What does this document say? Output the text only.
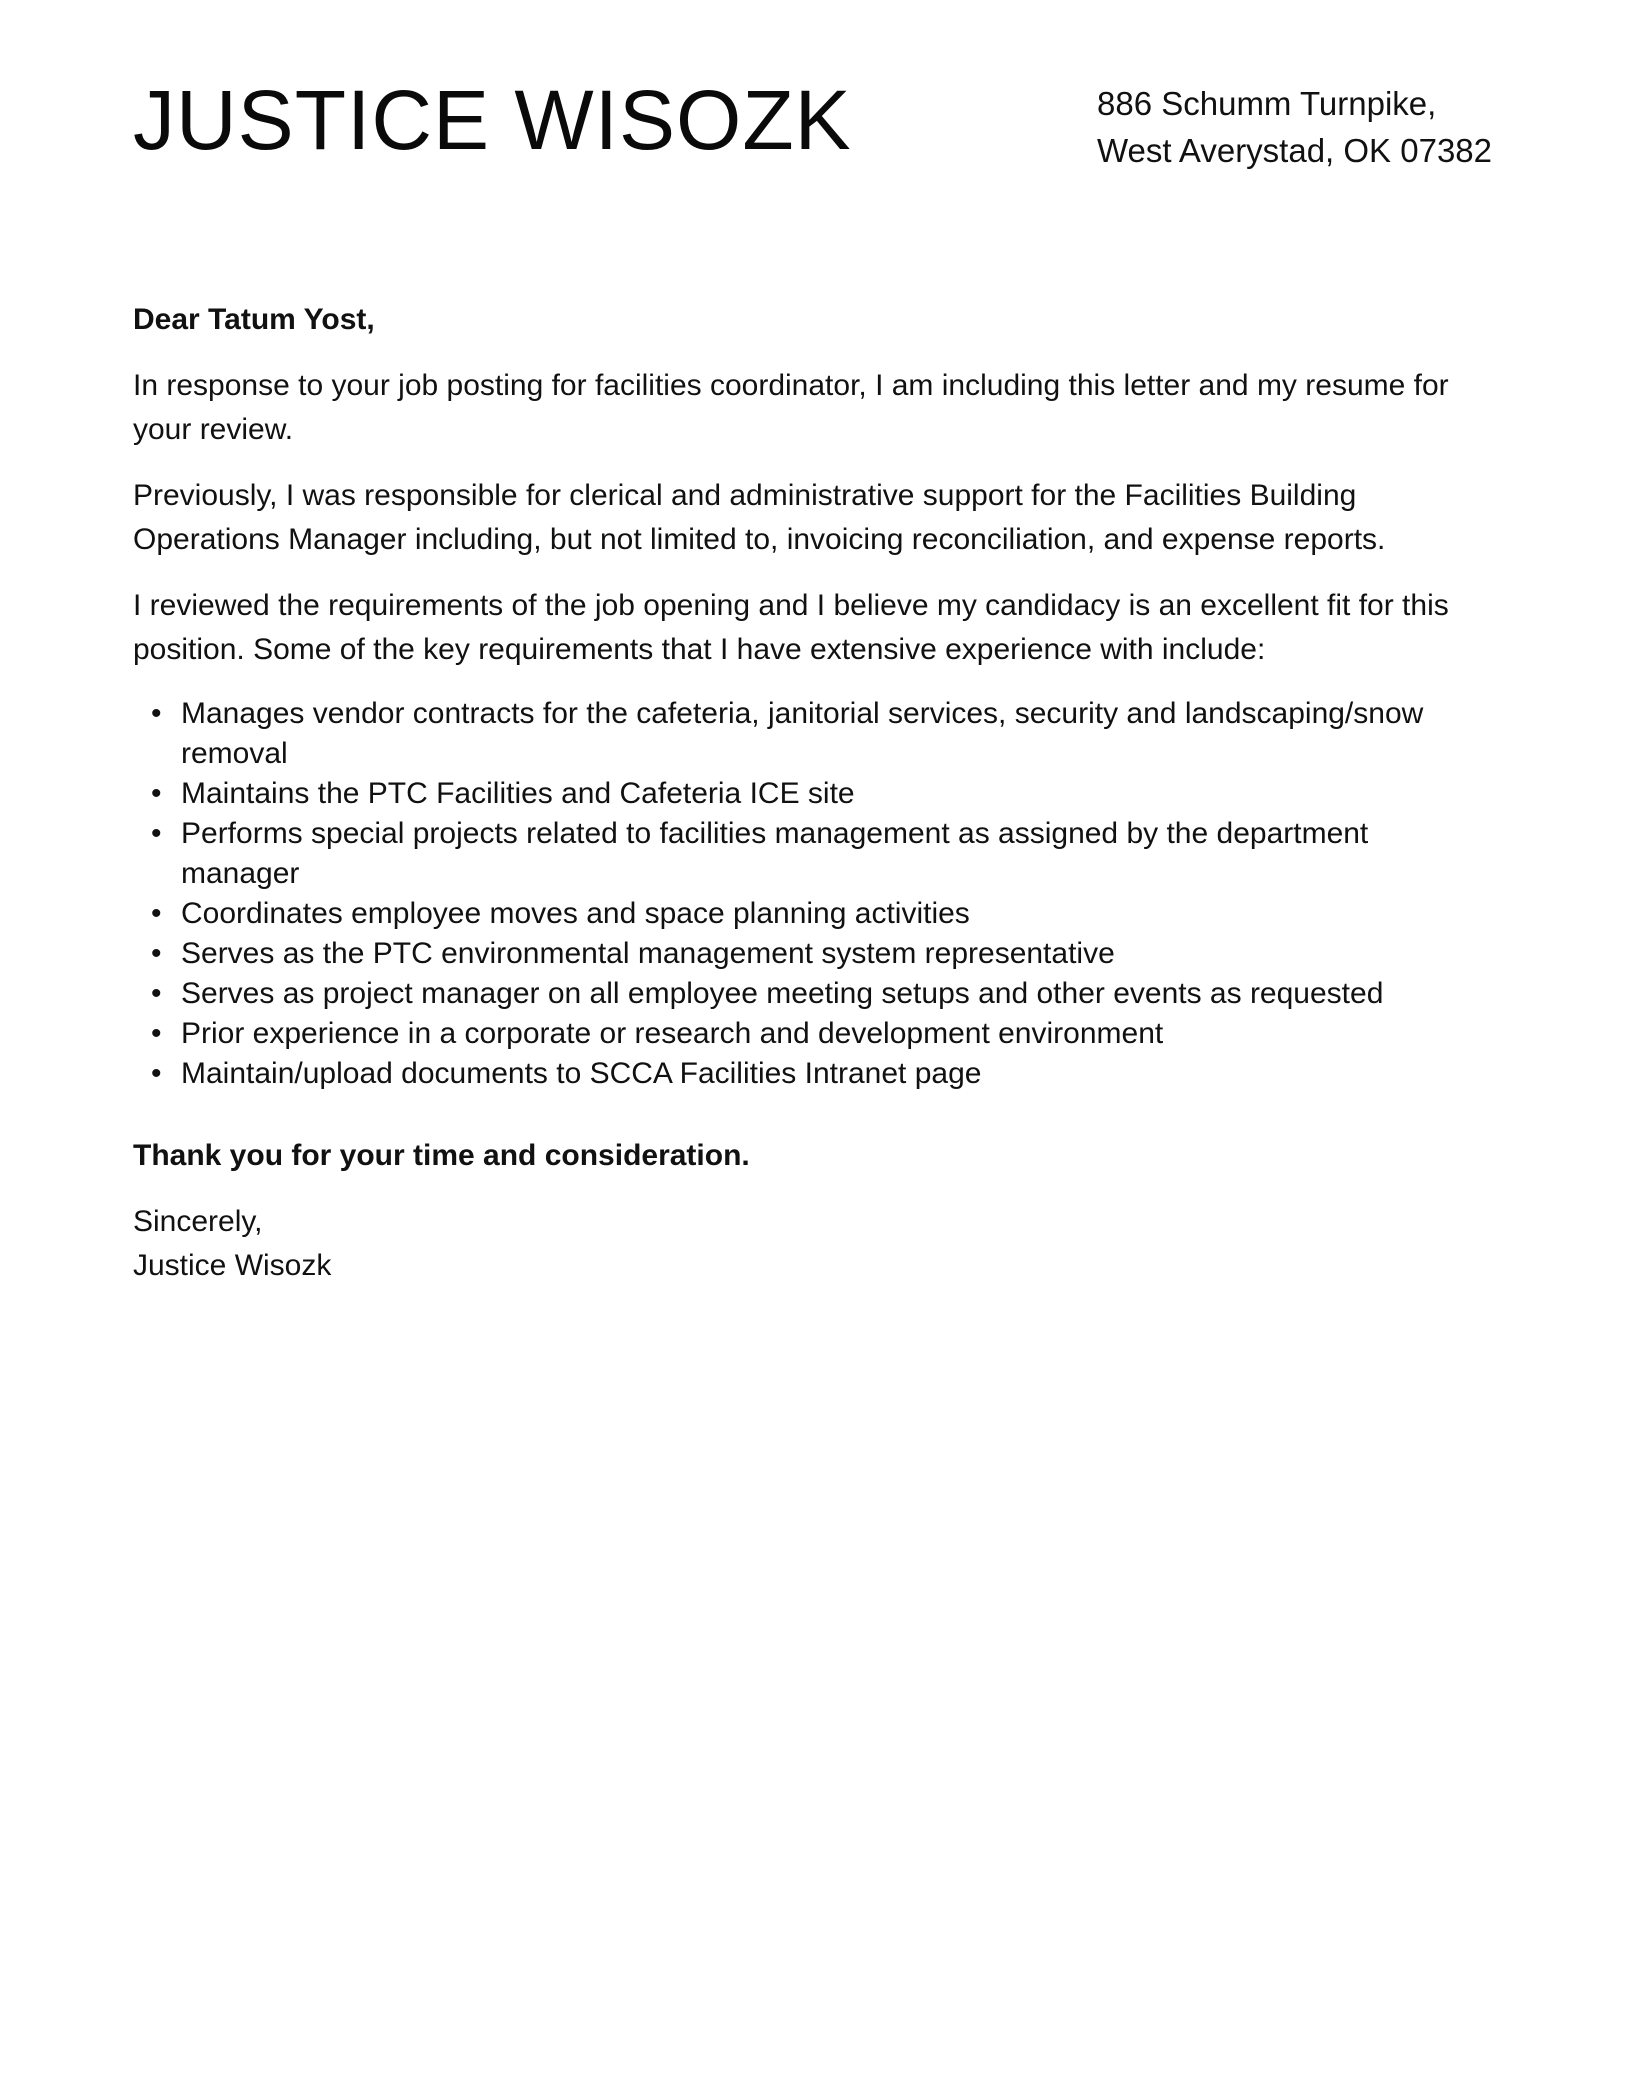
JUSTICE WISOZK	886 Schumm Turnpike,
West Averystad, OK 07382

Dear Tatum Yost,

In response to your job posting for facilities coordinator, I am including this letter and my resume for your review.

Previously, I was responsible for clerical and administrative support for the Facilities Building Operations Manager including, but not limited to, invoicing reconciliation, and expense reports.

I reviewed the requirements of the job opening and I believe my candidacy is an excellent fit for this position. Some of the key requirements that I have extensive experience with include:

• Manages vendor contracts for the cafeteria, janitorial services, security and landscaping/snow removal
• Maintains the PTC Facilities and Cafeteria ICE site
• Performs special projects related to facilities management as assigned by the department manager
• Coordinates employee moves and space planning activities
• Serves as the PTC environmental management system representative
• Serves as project manager on all employee meeting setups and other events as requested
• Prior experience in a corporate or research and development environment
• Maintain/upload documents to SCCA Facilities Intranet page

Thank you for your time and consideration.

Sincerely,
Justice Wisozk
